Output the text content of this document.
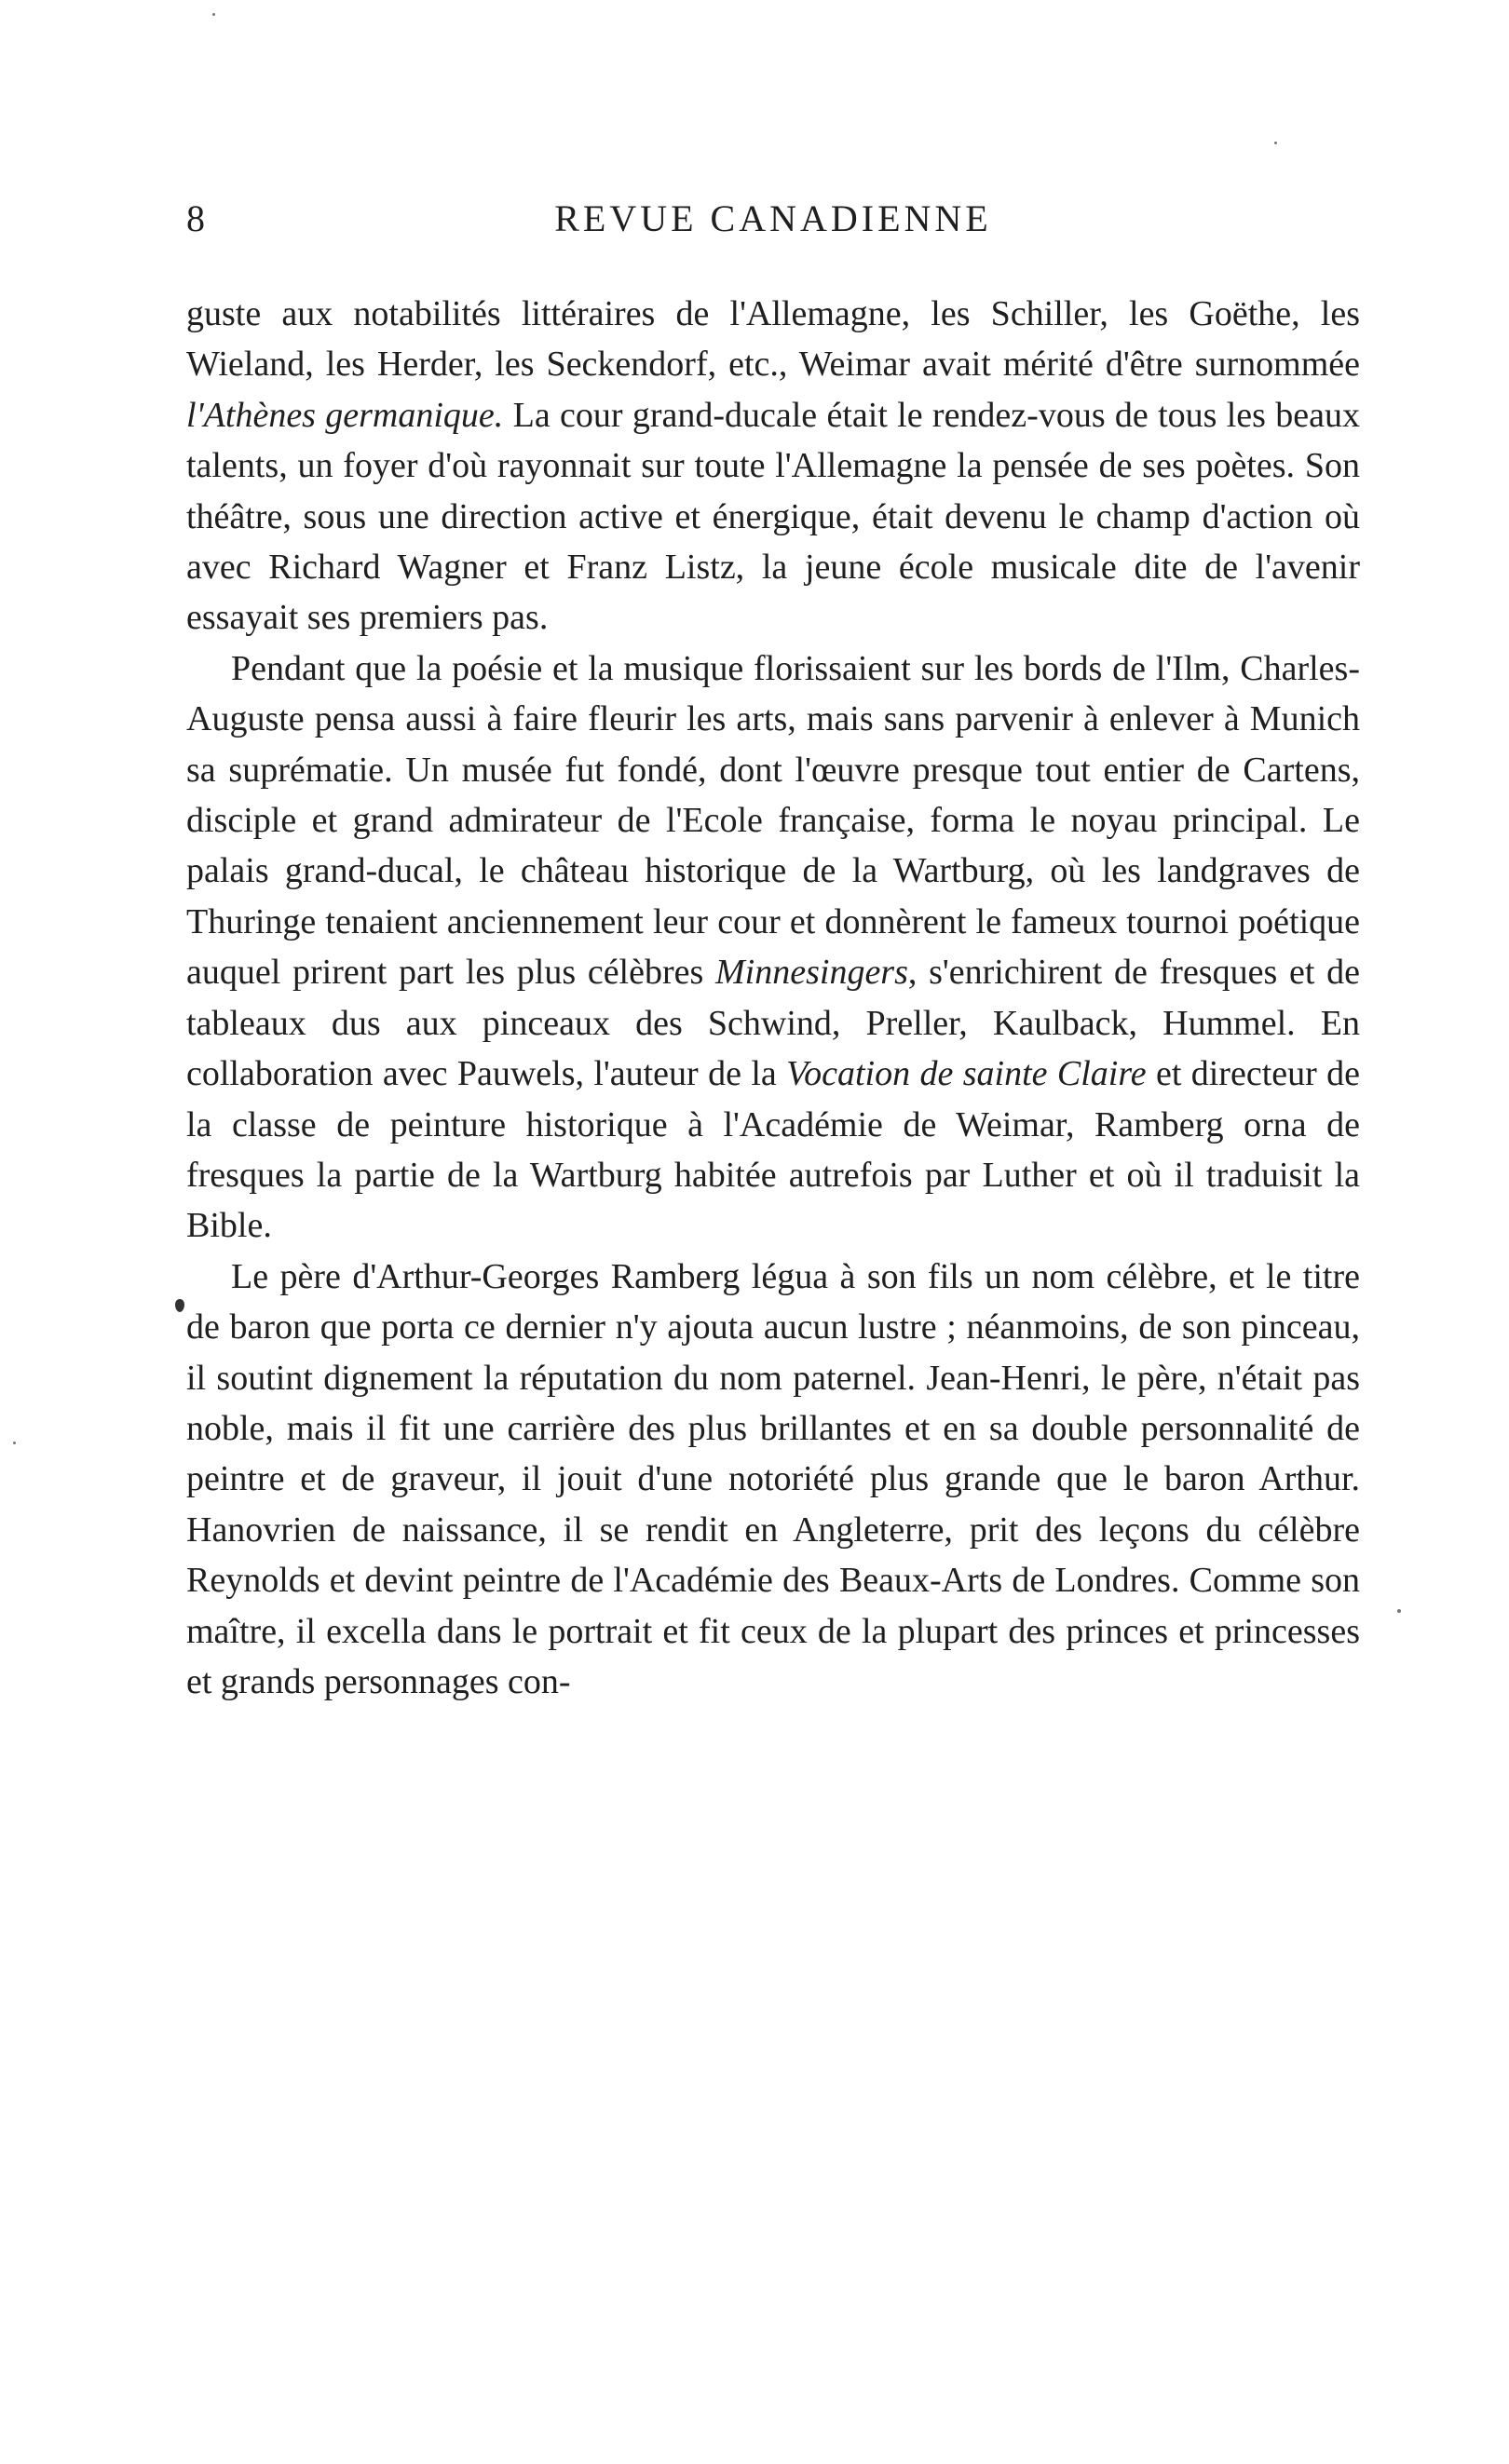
8	REVUE CANADIENNE

guste aux notabilités littéraires de l'Allemagne, les Schiller, les Goëthe, les Wieland, les Herder, les Seckendorf, etc., Weimar avait mérité d'être surnommée l'Athènes germanique. La cour grand-ducale était le rendez-vous de tous les beaux talents, un foyer d'où rayonnait sur toute l'Allemagne la pensée de ses poètes. Son théâtre, sous une direction active et énergique, était devenu le champ d'action où avec Richard Wagner et Franz Listz, la jeune école musicale dite de l'avenir essayait ses premiers pas.

Pendant que la poésie et la musique florissaient sur les bords de l'Ilm, Charles-Auguste pensa aussi à faire fleurir les arts, mais sans parvenir à enlever à Munich sa suprématie. Un musée fut fondé, dont l'œuvre presque tout entier de Cartens, disciple et grand admirateur de l'Ecole française, forma le noyau principal. Le palais grand-ducal, le château historique de la Wartburg, où les landgraves de Thuringe tenaient anciennement leur cour et donnèrent le fameux tournoi poétique auquel prirent part les plus célèbres Minnesingers, s'enrichirent de fresques et de tableaux dus aux pinceaux des Schwind, Preller, Kaulback, Hummel. En collaboration avec Pauwels, l'auteur de la Vocation de sainte Claire et directeur de la classe de peinture historique à l'Académie de Weimar, Ramberg orna de fresques la partie de la Wartburg habitée autrefois par Luther et où il traduisit la Bible.

Le père d'Arthur-Georges Ramberg légua à son fils un nom célèbre, et le titre de baron que porta ce dernier n'y ajouta aucun lustre ; néanmoins, de son pinceau, il soutint dignement la réputation du nom paternel. Jean-Henri, le père, n'était pas noble, mais il fit une carrière des plus brillantes et en sa double personnalité de peintre et de graveur, il jouit d'une notoriété plus grande que le baron Arthur. Hanovrien de naissance, il se rendit en Angleterre, prit des leçons du célèbre Reynolds et devint peintre de l'Académie des Beaux-Arts de Londres. Comme son maître, il excella dans le portrait et fit ceux de la plupart des princes et princesses et grands personnages con-
